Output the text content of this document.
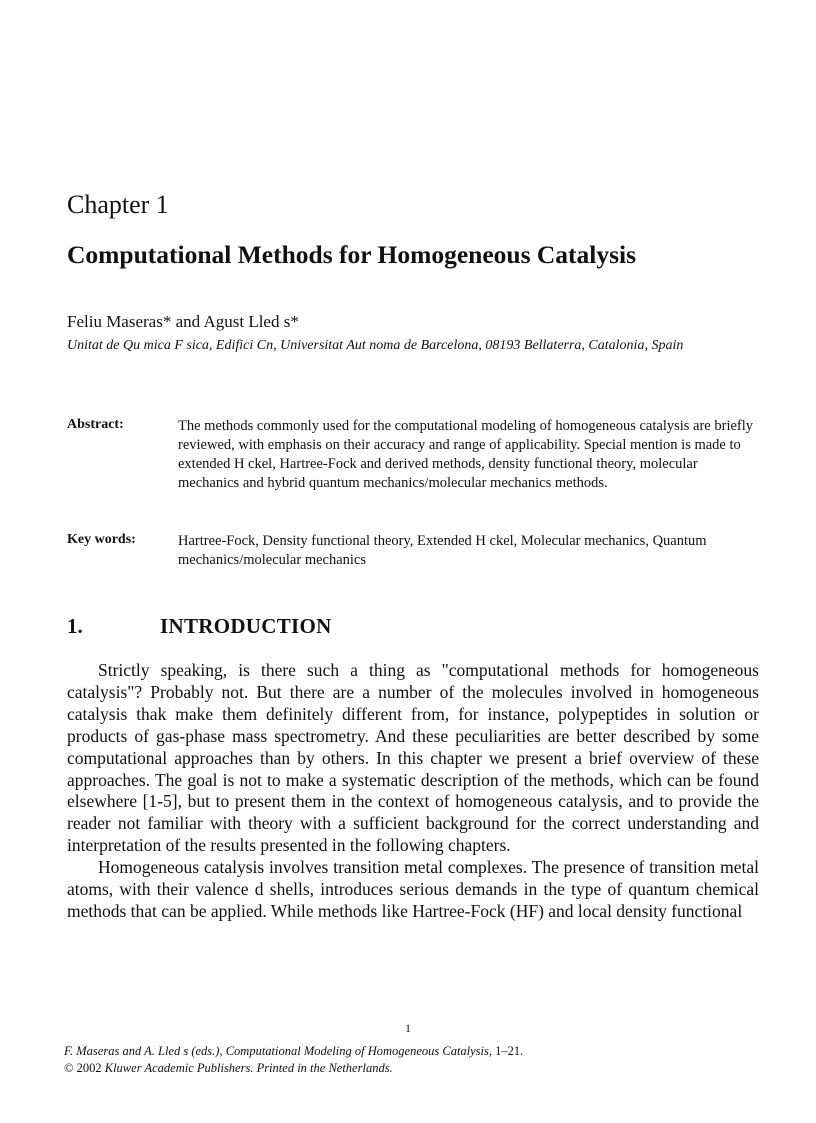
Chapter 1
Computational Methods for Homogeneous Catalysis
Feliu Maseras* and Agust Lled s*
Unitat de Qu mica F sica, Edifici Cn, Universitat Aut noma de Barcelona, 08193 Bellaterra, Catalonia, Spain
Abstract:	The methods commonly used for the computational modeling of homogeneous catalysis are briefly reviewed, with emphasis on their accuracy and range of applicability. Special mention is made to extended H ckel, Hartree-Fock and derived methods, density functional theory, molecular mechanics and hybrid quantum mechanics/molecular mechanics methods.
Key words:	Hartree-Fock, Density functional theory, Extended H ckel, Molecular mechanics, Quantum mechanics/molecular mechanics
1.	INTRODUCTION

Strictly speaking, is there such a thing as "computational methods for homogeneous catalysis"? Probably not. But there are a number of the molecules involved in homogeneous catalysis thak make them definitely different from, for instance, polypeptides in solution or products of gas-phase mass spectrometry. And these peculiarities are better described by some computational approaches than by others. In this chapter we present a brief overview of these approaches. The goal is not to make a systematic description of the methods, which can be found elsewhere [1-5], but to present them in the context of homogeneous catalysis, and to provide the reader not familiar with theory with a sufficient background for the correct understanding and interpretation of the results presented in the following chapters.

Homogeneous catalysis involves transition metal complexes. The presence of transition metal atoms, with their valence d shells, introduces serious demands in the type of quantum chemical methods that can be applied. While methods like Hartree-Fock (HF) and local density functional

1
F. Maseras and A. Lled s (eds.), Computational Modeling of Homogeneous Catalysis, 1–21.
© 2002 Kluwer Academic Publishers. Printed in the Netherlands.
